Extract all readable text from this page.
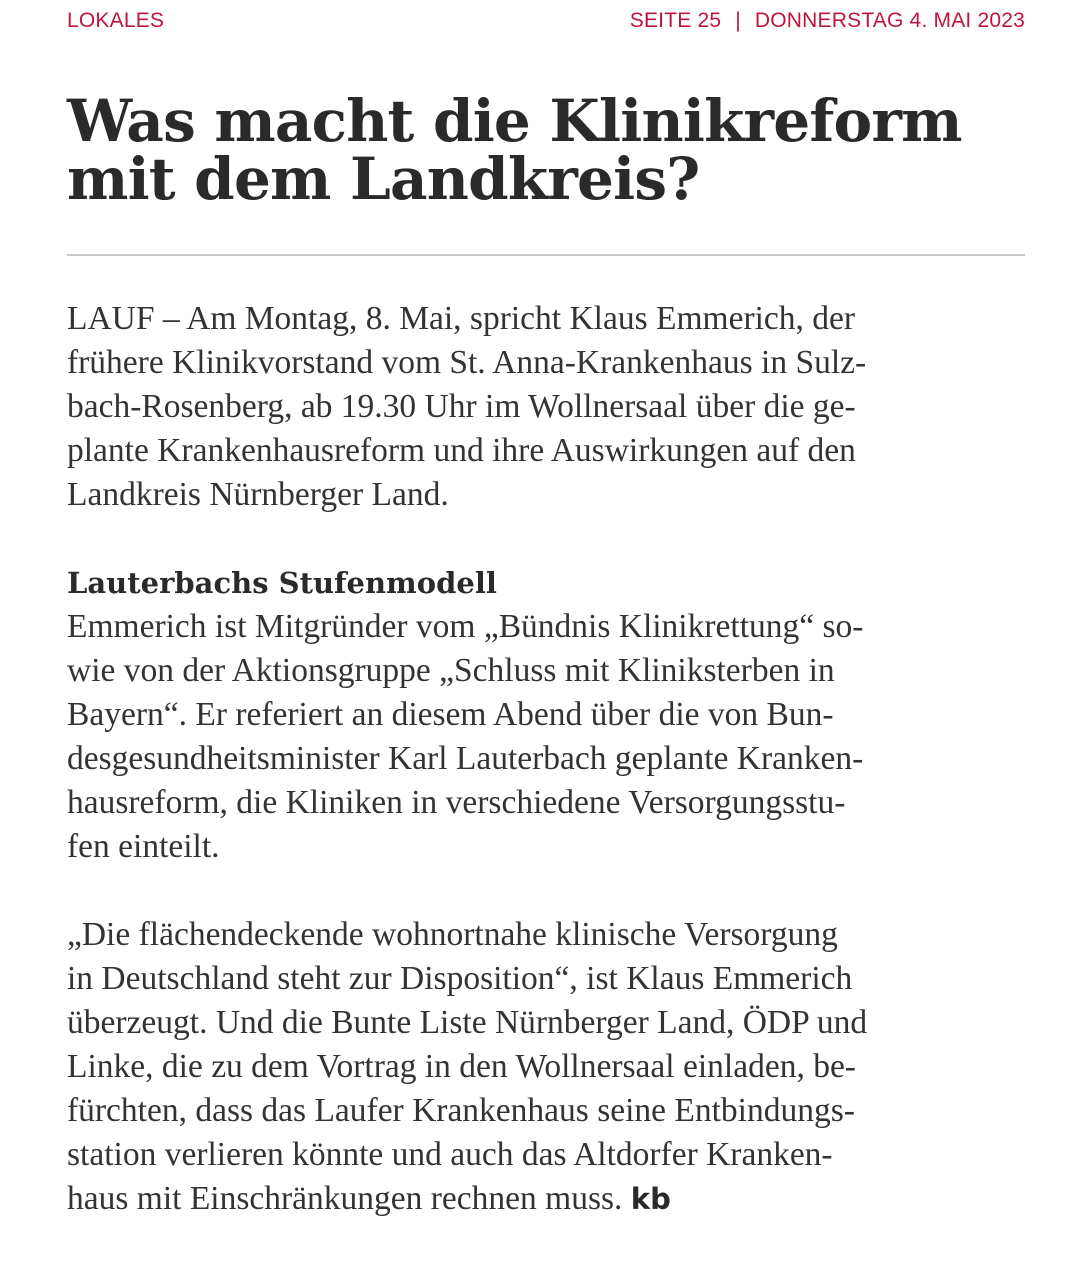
LOKALES	SEITE 25 | DONNERSTAG 4. MAI 2023
Was macht die Klinikreform
mit dem Landkreis?

LAUF – Am Montag, 8. Mai, spricht Klaus Emmerich, der
frühere Klinikvorstand vom St. Anna-Krankenhaus in Sulz-
bach-Rosenberg, ab 19.30 Uhr im Wollnersaal über die ge-
plante Krankenhausreform und ihre Auswirkungen auf den
Landkreis Nürnberger Land.

Lauterbachs Stufenmodell

Emmerich ist Mitgründer vom „Bündnis Klinikrettung“ so-
wie von der Aktionsgruppe „Schluss mit Kliniksterben in
Bayern“. Er referiert an diesem Abend über die von Bun-
desgesundheitsminister Karl Lauterbach geplante Kranken-
hausreform, die Kliniken in verschiedene Versorgungsstu-
fen einteilt.

„Die flächendeckende wohnortnahe klinische Versorgung
in Deutschland steht zur Disposition“, ist Klaus Emmerich
überzeugt. Und die Bunte Liste Nürnberger Land, ÖDP und
Linke, die zu dem Vortrag in den Wollnersaal einladen, be-
fürchten, dass das Laufer Krankenhaus seine Entbindungs-
station verlieren könnte und auch das Altdorfer Kranken-
haus mit Einschränkungen rechnen muss. kb
